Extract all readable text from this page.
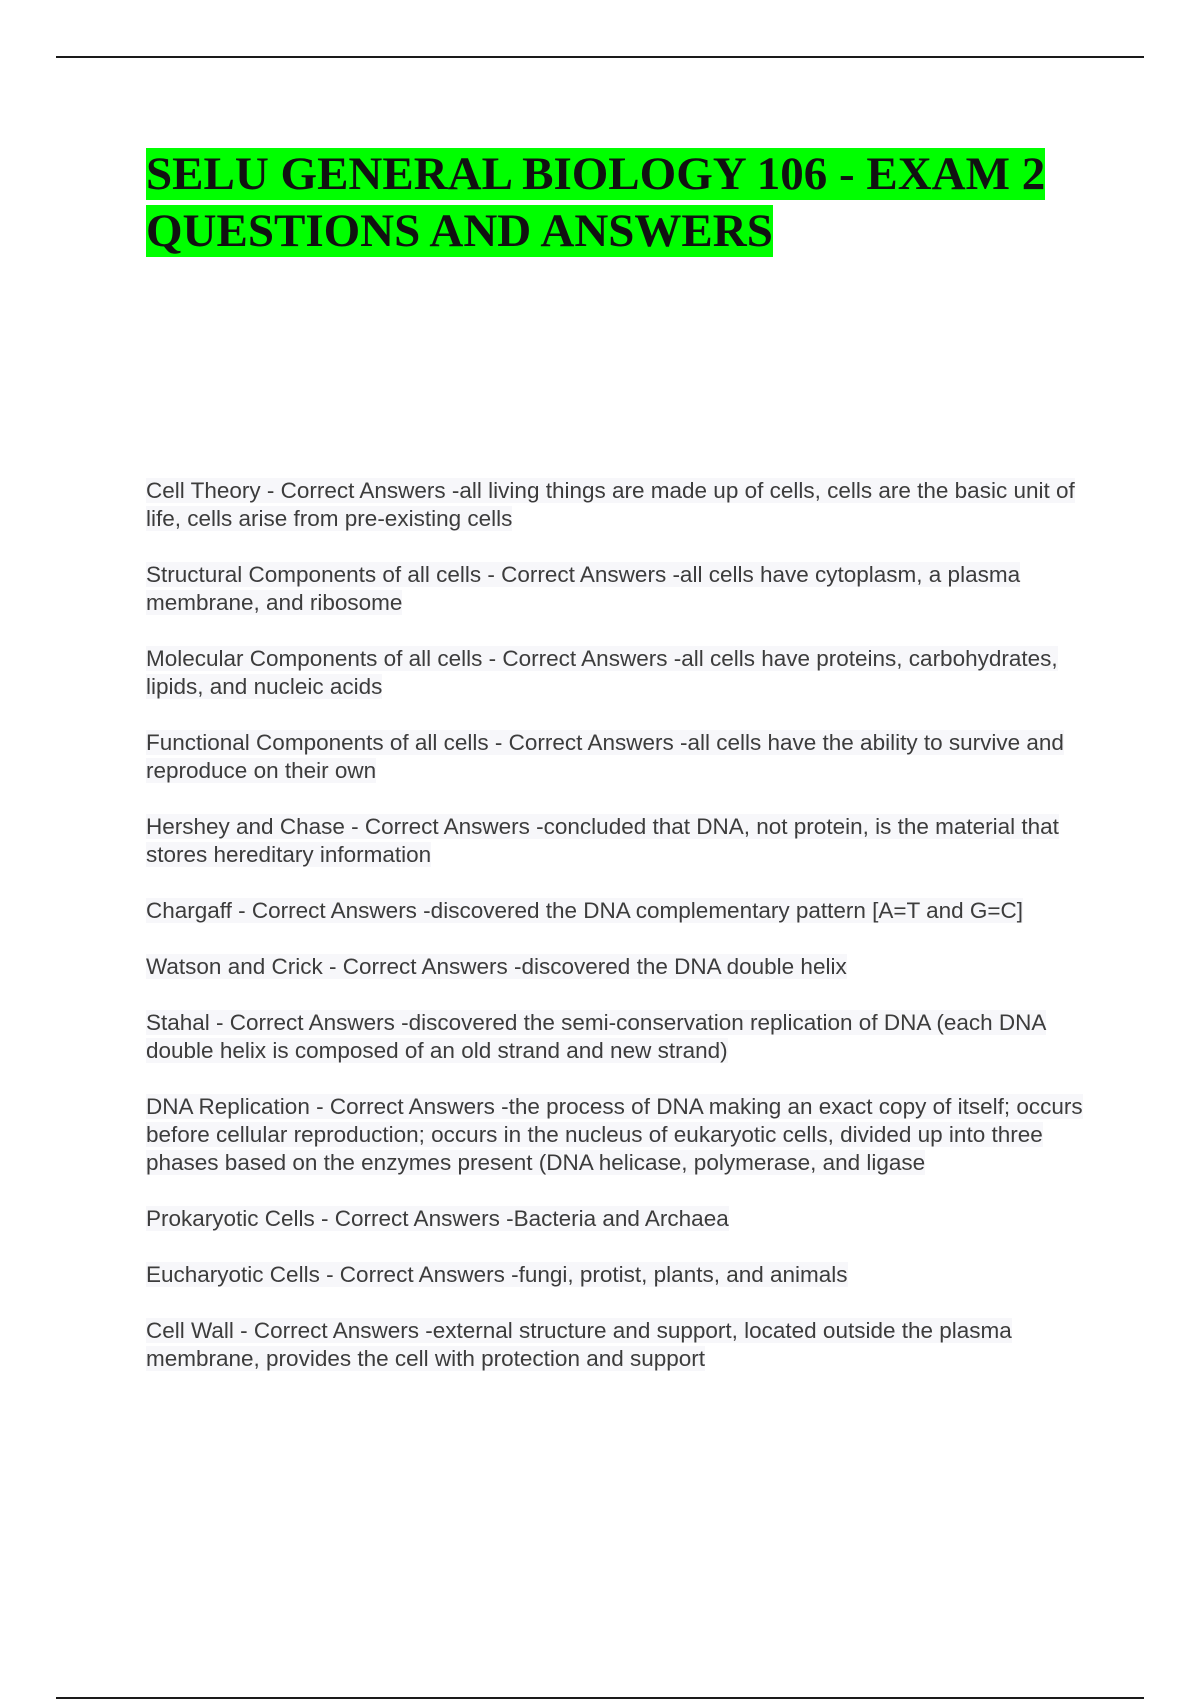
SELU GENERAL BIOLOGY 106 - EXAM 2 QUESTIONS AND ANSWERS

Cell Theory - Correct Answers -all living things are made up of cells, cells are the basic unit of life, cells arise from pre-existing cells

Structural Components of all cells - Correct Answers -all cells have cytoplasm, a plasma membrane, and ribosome

Molecular Components of all cells - Correct Answers -all cells have proteins, carbohydrates, lipids, and nucleic acids

Functional Components of all cells - Correct Answers -all cells have the ability to survive and reproduce on their own

Hershey and Chase - Correct Answers -concluded that DNA, not protein, is the material that stores hereditary information

Chargaff - Correct Answers -discovered the DNA complementary pattern [A=T and G=C]

Watson and Crick - Correct Answers -discovered the DNA double helix

Stahal - Correct Answers -discovered the semi-conservation replication of DNA (each DNA double helix is composed of an old strand and new strand)

DNA Replication - Correct Answers -the process of DNA making an exact copy of itself; occurs before cellular reproduction; occurs in the nucleus of eukaryotic cells, divided up into three phases based on the enzymes present (DNA helicase, polymerase, and ligase

Prokaryotic Cells - Correct Answers -Bacteria and Archaea

Eucharyotic Cells - Correct Answers -fungi, protist, plants, and animals

Cell Wall - Correct Answers -external structure and support, located outside the plasma membrane, provides the cell with protection and support
